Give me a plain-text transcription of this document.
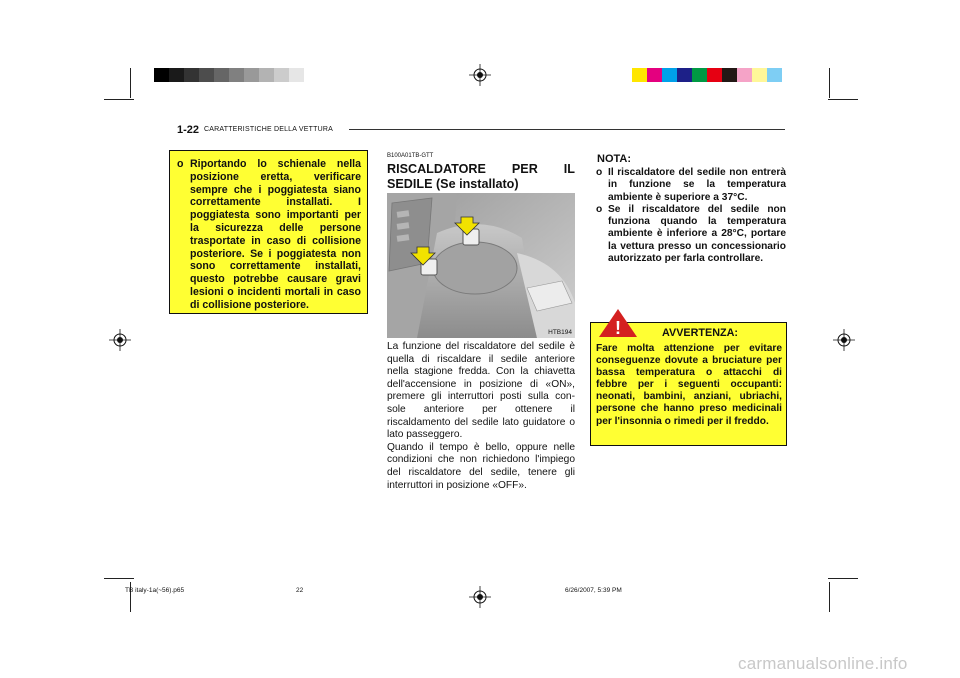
1-22 CARATTERISTICHE DELLA VETTURA
o Riportando lo schienale nella posizione eretta, verificare sempre che i poggiatesta siano correttamente installati. I poggiatesta sono importanti per la sicurezza delle persone trasportate in caso di collisione posteriore. Se i poggiatesta non sono correttamente installati, questo potrebbe causare gravi lesioni o incidenti mortali in caso di collisione posteriore.
B100A01TB-GTT
RISCALDATORE PER IL
SEDILE (Se installato)
HTB194

La funzione del riscaldatore del sedile è quella di riscaldare il sedile anteriore nella stagione fredda. Con la chiavetta dell'accensione in posizione di «ON», premere gli interruttori posti sulla con-sole anteriore per ottenere il riscaldamento del sedile lato guidatore o lato passeggero.

Quando il tempo è bello, oppure nelle condizioni che non richiedono l'impiego del riscaldatore del sedile, tenere gli interruttori in posizione «OFF».

NOTA:
o Il riscaldatore del sedile non entrerà in funzione se la temperatura ambiente è superiore a 37°C.
o Se il riscaldatore del sedile non funziona quando la temperatura ambiente è inferiore a 28°C, portare la vettura presso un concessionario autorizzato per farla controllare.
AVVERTENZA:
Fare molta attenzione per evitare conseguenze dovute a bruciature per bassa temperatura o attacchi di febbre per i seguenti occupanti: neonati, bambini, anziani, ubriachi, persone che hanno preso medicinali per l'insonnia o rimedi per il freddo.
!
TB italy-1a(~56).p65	22	6/26/2007, 5:39 PM
carmanualsonline.info
